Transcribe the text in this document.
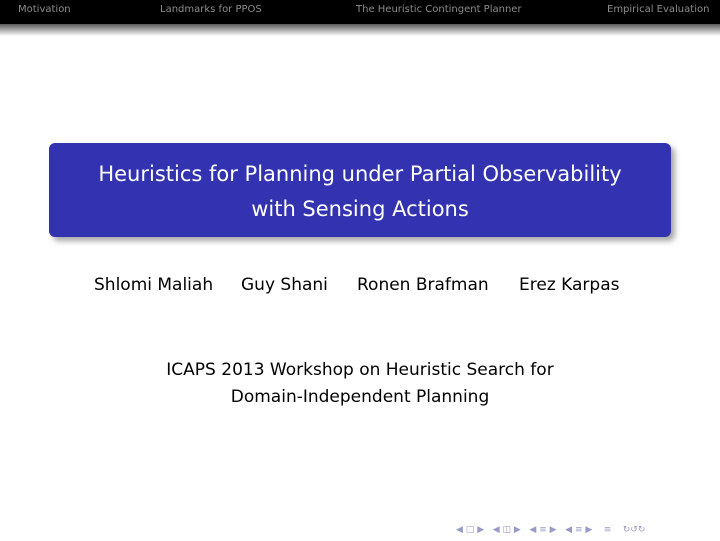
Motivation	Landmarks for PPOS	The Heuristic Contingent Planner	Empirical Evaluation
Heuristics for Planning under Partial Observability
with Sensing Actions
Shlomi Maliah Guy Shani Ronen Brafman Erez Karpas
ICAPS 2013 Workshop on Heuristic Search for
Domain-Independent Planning
◀ □ ▶ ◀ ◫ ▶ ◀ ≡ ▶ ◀ ≡ ▶ ≡ ↻↺↻
